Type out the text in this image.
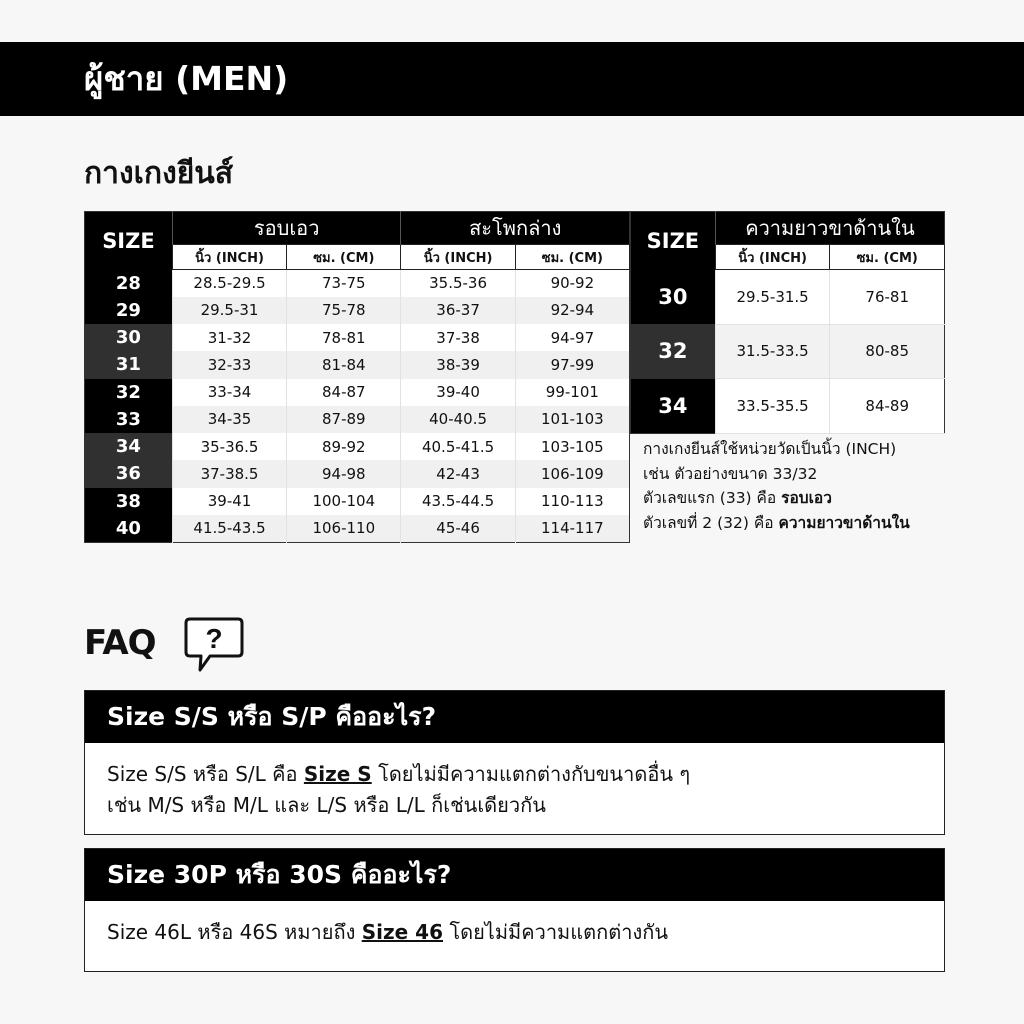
ผู้ชาย (MEN)
กางเกงยีนส์
SIZE	รอบเอว		สะโพกล่าง	
	นิ้ว (INCH)	ซม. (CM)	นิ้ว (INCH)	ซม. (CM)
28	28.5-29.5	73-75	35.5-36	90-92
29	29.5-31	75-78	36-37	92-94
30	31-32	78-81	37-38	94-97
31	32-33	81-84	38-39	97-99
32	33-34	84-87	39-40	99-101
33	34-35	87-89	40-40.5	101-103
34	35-36.5	89-92	40.5-41.5	103-105
36	37-38.5	94-98	42-43	106-109
38	39-41	100-104	43.5-44.5	110-113
40	41.5-43.5	106-110	45-46	114-117
SIZE	ความยาวขาด้านใน	
	นิ้ว (INCH)	ซม. (CM)
30	29.5-31.5	76-81
32	31.5-33.5	80-85
34	33.5-35.5	84-89
กางเกงยีนส์ใช้หน่วยวัดเป็นนิ้ว (INCH)
เช่น ตัวอย่างขนาด 33/32
ตัวเลขแรก (33) คือ รอบเอว
ตัวเลขที่ 2 (32) คือ ความยาวขาด้านใน
FAQ ?
Size S/S หรือ S/P คืออะไร?
Size S/S หรือ S/L คือ Size S โดยไม่มีความแตกต่างกับขนาดอื่น ๆ
เช่น M/S หรือ M/L และ L/S หรือ L/L ก็เช่นเดียวกัน
Size 30P หรือ 30S คืออะไร?
Size 46L หรือ 46S หมายถึง Size 46 โดยไม่มีความแตกต่างกัน
